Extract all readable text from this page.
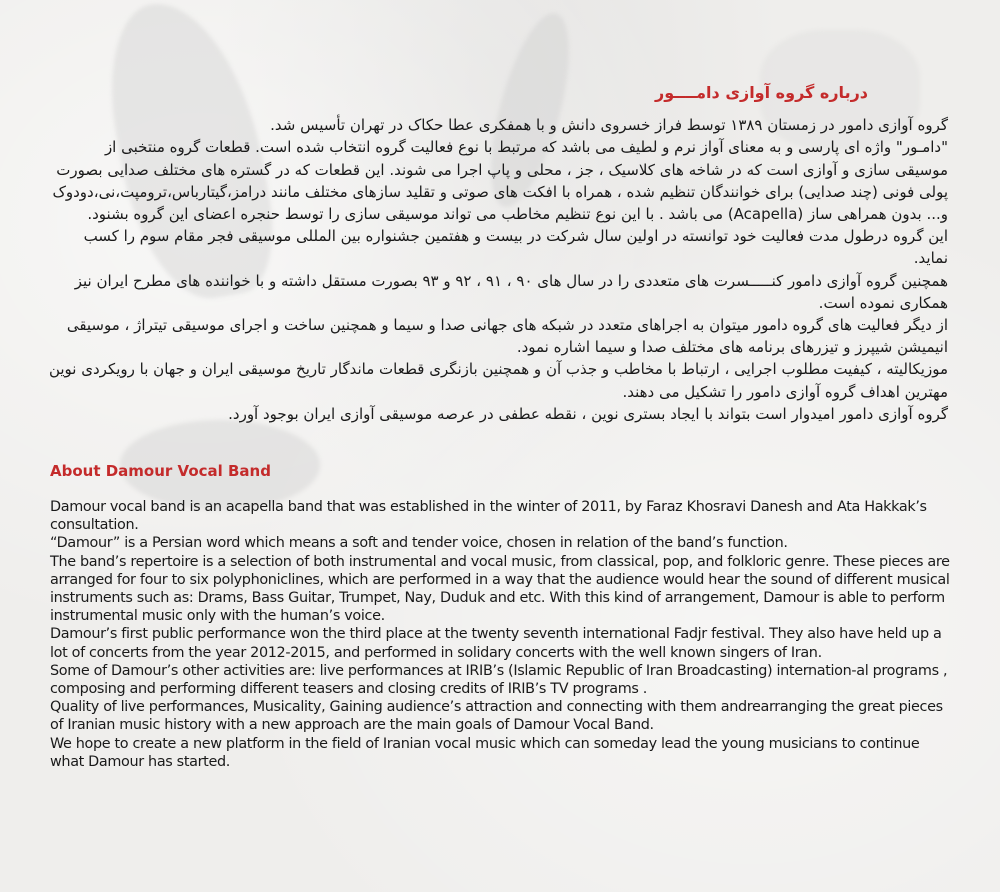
درباره گروه آوازی دامــــور

گروه آوازی دامور در زمستان ۱۳۸۹ توسط فراز خسروی دانش و با همفکری عطا حکاک در تهران تأسیس شد.

"دامـور" واژه ای پارسی و به معنای آواز نرم و لطیف می باشد که مرتبط با نوع فعالیت گروه انتخاب شده است. قطعات گروه منتخبی از موسیقی سازی و آوازی است که در شاخه های کلاسیک ، جز ، محلی و پاپ اجرا می شوند. این قطعات که در گستره های مختلف صدایی بصورت پولی فونی (چند صدایی) برای خوانندگان تنظیم شده ، همراه با افکت های صوتی و تقلید سازهای مختلف مانند درامز،گیتارباس،ترومپت،نی،دودوک و... بدون همراهی ساز (Acapella) می باشد . با این نوع تنظیم مخاطب می تواند موسیقی سازی را توسط حنجره اعضای این گروه بشنود.

این گروه درطول مدت فعالیت خود توانسته در اولین سال شرکت در بیست و هفتمین جشنواره بین المللی موسیقی فجر مقام سوم را کسب نماید.

همچنین گروه آوازی دامور کنـــــسرت های متعددی را در سال های ۹۰ ، ۹۱ ، ۹۲ و ۹۳ بصورت مستقل داشته و با خواننده های مطرح ایران نیز همکاری نموده است.

از دیگر فعالیت های گروه دامور میتوان به اجراهای متعدد در شبکه های جهانی صدا و سیما و همچنین ساخت و اجرای موسیقی تیتراژ ، موسیقی انیمیشن شیپرز و تیزرهای برنامه های مختلف صدا و سیما اشاره نمود.

موزیکالیته ، کیفیت مطلوب اجرایی ، ارتباط با مخاطب و جذب آن و همچنین بازنگری قطعات ماندگار تاریخ موسیقی ایران و جهان با رویکردی نوین مهترین اهداف گروه آوازی دامور را تشکیل می دهند.

گروه آوازی دامور امیدوار است بتواند با ایجاد بستری نوین ، نقطه عطفی در عرصه موسیقی آوازی ایران بوجود آورد.

About Damour Vocal Band

Damour vocal band is an acapella band that was established in the winter of 2011, by Faraz Khosravi Danesh and Ata Hakkak’s consultation.

“Damour” is a Persian word which means a soft and tender voice, chosen in relation of the band’s function.

The band’s repertoire is a selection of both instrumental and vocal music, from classical, pop, and folkloric genre. These pieces are arranged for four to six polyphoniclines, which are performed in a way that the audience would hear the sound of different musical instruments such as: Drams, Bass Guitar, Trumpet, Nay, Duduk and etc. With this kind of arrangement, Damour is able to perform instrumental music only with the human’s voice.

Damour’s first public performance won the third place at the twenty seventh international Fadjr festival. They also have held up a lot of concerts from the year 2012-2015, and performed in solidary concerts with the well known singers of Iran.

Some of Damour’s other activities are: live performances at IRIB’s (Islamic Republic of Iran Broadcasting) internation-al programs , composing and performing different teasers and closing credits of IRIB’s TV programs .

Quality of live performances, Musicality, Gaining audience’s attraction and connecting with them andrearranging the great pieces of Iranian music history with a new approach are the main goals of Damour Vocal Band.

We hope to create a new platform in the field of Iranian vocal music which can someday lead the young musicians to continue what Damour has started.
